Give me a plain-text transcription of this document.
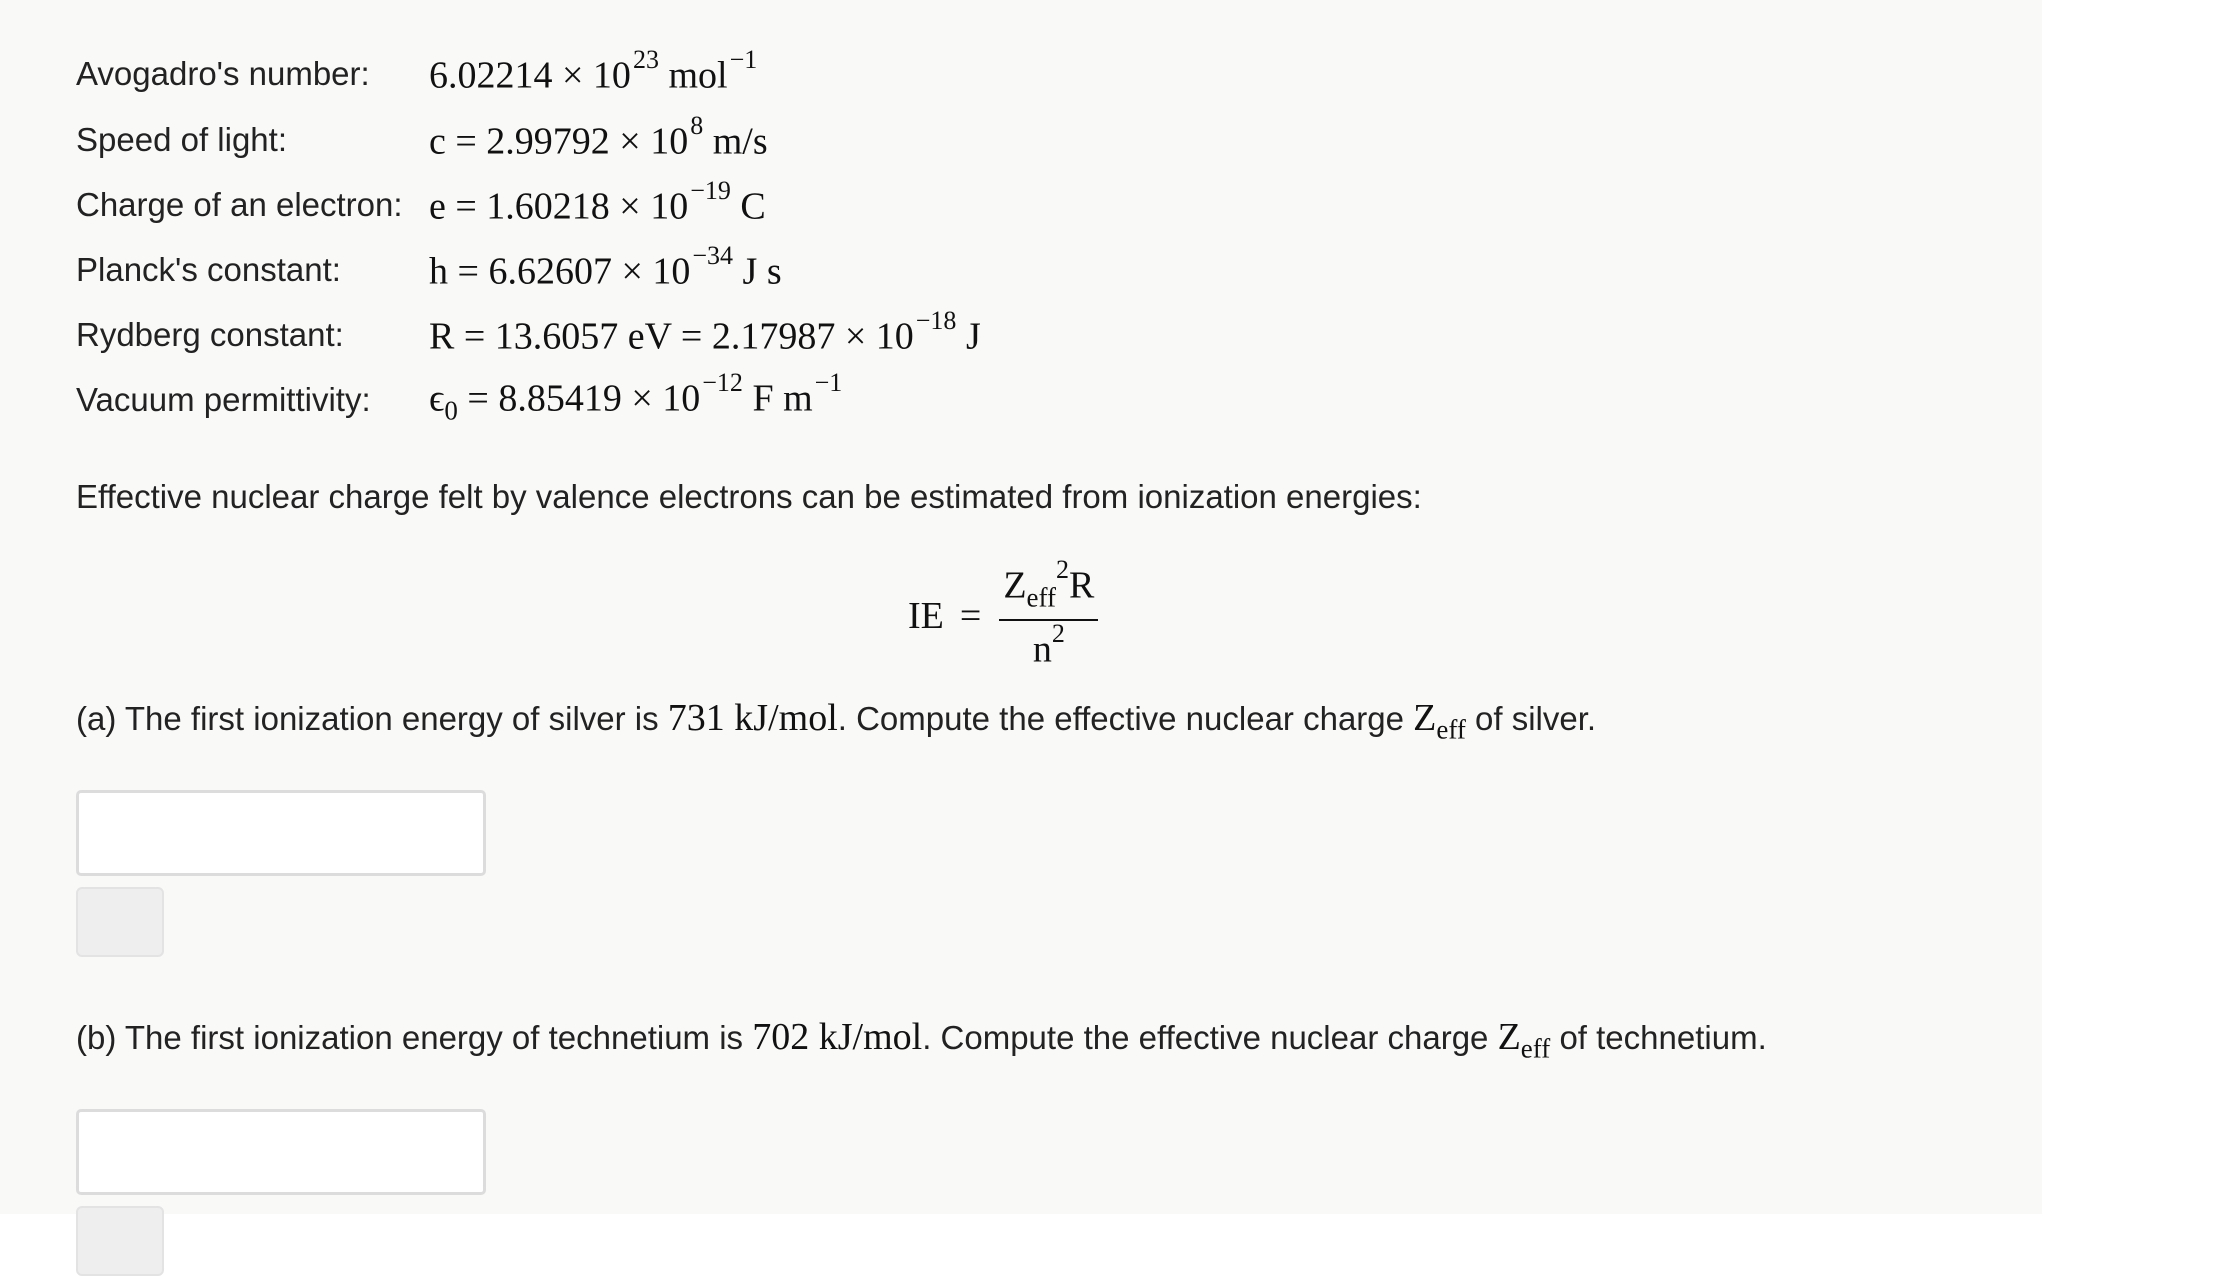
Avogadro's number:	$6.02214 \times 10^{23}$ mol$^{-1}$
Speed of light:	$c = 2.99792 \times 10^8$ m/s
Charge of an electron: $e = 1.60218 \times 10^{-19}$ C
Planck's constant:	$h = 6.62607 \times 10^{-34}$ J s
Rydberg constant:	R = 13.6057 eV = $2.17987 \times 10^{-18}$ J
Vacuum permittivity:	$\epsilon_0 = 8.85419 \times 10^{-12}$ F $m^{-1}$
Effective nuclear charge felt by valence electrons can be estimated from ionization energies:
IE = $\frac{Z_{eff}^2R}{n^2}$
(a) The first ionization energy of silver is 731 kJ/mol. Compute the effective nuclear charge $Z_{eff}$ of silver.
(b) The first ionization energy of technetium is 702 kJ/mol. Compute the effective nuclear charge $Z_{eff}$ of technetium.
